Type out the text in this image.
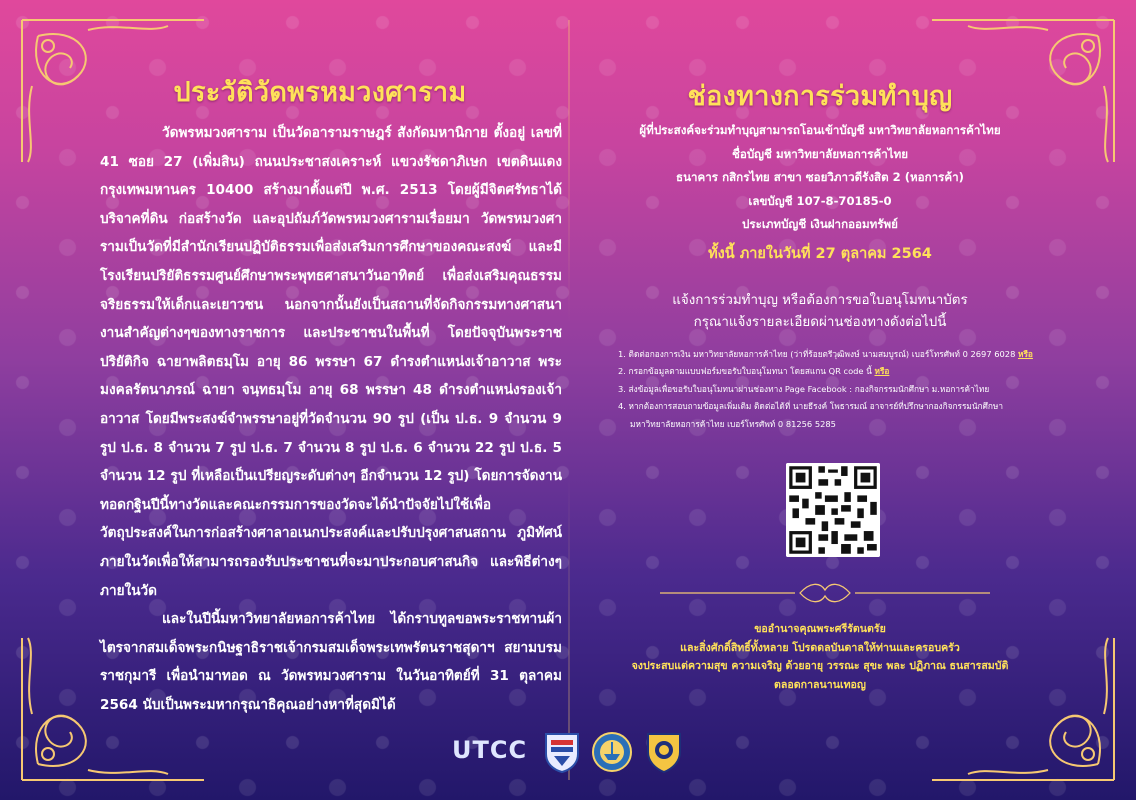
ประวัติวัดพรหมวงศาราม

วัดพรหมวงศาราม เป็นวัดอารามราษฎร์ สังกัดมหานิกาย ตั้งอยู่ เลขที่ 41 ซอย 27 (เพิ่มสิน) ถนนประชาสงเคราะห์ แขวงรัชดาภิเษก เขตดินแดง กรุงเทพมหานคร 10400 สร้างมาตั้งแต่ปี พ.ศ. 2513 โดยผู้มีจิตศรัทธาได้บริจาคที่ดิน ก่อสร้างวัด และอุปถัมภ์วัดพรหมวงศารามเรื่อยมา วัดพรหมวงศารามเป็นวัดที่มีสำนักเรียนปฏิบัติธรรมเพื่อส่งเสริมการศึกษาของคณะสงฆ์ และมีโรงเรียนปริยัติธรรมศูนย์ศึกษาพระพุทธศาสนาวันอาทิตย์ เพื่อส่งเสริมคุณธรรม จริยธรรมให้เด็กและเยาวชน นอกจากนั้นยังเป็นสถานที่จัดกิจกรรมทางศาสนา งานสำคัญต่างๆของทางราชการ และประชาชนในพื้นที่ โดยปัจจุบันพระราชปริยัติกิจ ฉายาพลิตธมฺโม อายุ 86 พรรษา 67 ดำรงตำแหน่งเจ้าอาวาส พระมงคลรัตนาภรณ์ ฉายา จนฺทธมฺโม อายุ 68 พรรษา 48 ดำรงตำแหน่งรองเจ้าอาวาส โดยมีพระสงฆ์จำพรรษาอยู่ที่วัดจำนวน 90 รูป (เป็น ป.ธ. 9 จำนวน 9 รูป ป.ธ. 8 จำนวน 7 รูป ป.ธ. 7 จำนวน 8 รูป ป.ธ. 6 จำนวน 22 รูป ป.ธ. 5 จำนวน 12 รูป ที่เหลือเป็นเปรียญระดับต่างๆ อีกจำนวน 12 รูป) โดยการจัดงานทอดกฐินปีนี้ทางวัดและคณะกรรมการของวัดจะได้นำปัจจัยไปใช้เพื่อวัตถุประสงค์ในการก่อสร้างศาลาอเนกประสงค์และปรับปรุงศาสนสถาน ภูมิทัศน์ภายในวัดเพื่อให้สามารถรองรับประชาชนที่จะมาประกอบศาสนกิจ และพิธีต่างๆ ภายในวัด

และในปีนี้มหาวิทยาลัยหอการค้าไทย ได้กราบทูลขอพระราชทานผ้าไตรจากสมเด็จพระกนิษฐาธิราชเจ้ากรมสมเด็จพระเทพรัตนราชสุดาฯ สยามบรมราชกุมารี เพื่อนำมาทอด ณ วัดพรหมวงศาราม ในวันอาทิตย์ที่ 31 ตุลาคม 2564 นับเป็นพระมหากรุณาธิคุณอย่างหาที่สุดมิได้

ช่องทางการร่วมทำบุญ
ผู้ที่ประสงค์จะร่วมทำบุญสามารถโอนเข้าบัญชี มหาวิทยาลัยหอการค้าไทย
ชื่อบัญชี มหาวิทยาลัยหอการค้าไทย
ธนาคาร กสิกรไทย สาขา ซอยวิภาวดีรังสิต 2 (หอการค้า)
เลขบัญชี 107-8-70185-0
ประเภทบัญชี เงินฝากออมทรัพย์
ทั้งนี้ ภายในวันที่ 27 ตุลาคม 2564
แจ้งการร่วมทำบุญ หรือต้องการขอใบอนุโมทนาบัตร
กรุณาแจ้งรายละเอียดผ่านช่องทางดังต่อไปนี้
1. ติดต่อกองการเงิน มหาวิทยาลัยหอการค้าไทย (ว่าที่ร้อยตรีวุฒิพงษ์ นามสมบูรณ์) เบอร์โทรศัพท์ 0 2697 6028 หรือ
2. กรอกข้อมูลตามแบบฟอร์มขอรับใบอนุโมทนา โดยสแกน QR code นี้ หรือ
3. ส่งข้อมูลเพื่อขอรับใบอนุโมทนาผ่านช่องทาง Page Facebook : กองกิจกรรมนักศึกษา ม.หอการค้าไทย
4. หากต้องการสอบถามข้อมูลเพิ่มเติม ติดต่อได้ที่ นายธีรงค์ โพธารมณ์ อาจารย์ที่ปรึกษากองกิจกรรมนักศึกษา
มหาวิทยาลัยหอการค้าไทย เบอร์โทรศัพท์ 0 81256 5285
ขออำนาจคุณพระศรีรัตนตรัย
และสิ่งศักดิ์สิทธิ์ทั้งหลาย โปรดดลบันดาลให้ท่านและครอบครัว
จงประสบแต่ความสุข ความเจริญ ด้วยอายุ วรรณะ สุขะ พละ ปฏิภาณ ธนสารสมบัติ
ตลอดกาลนานเทอญ
UTCC
